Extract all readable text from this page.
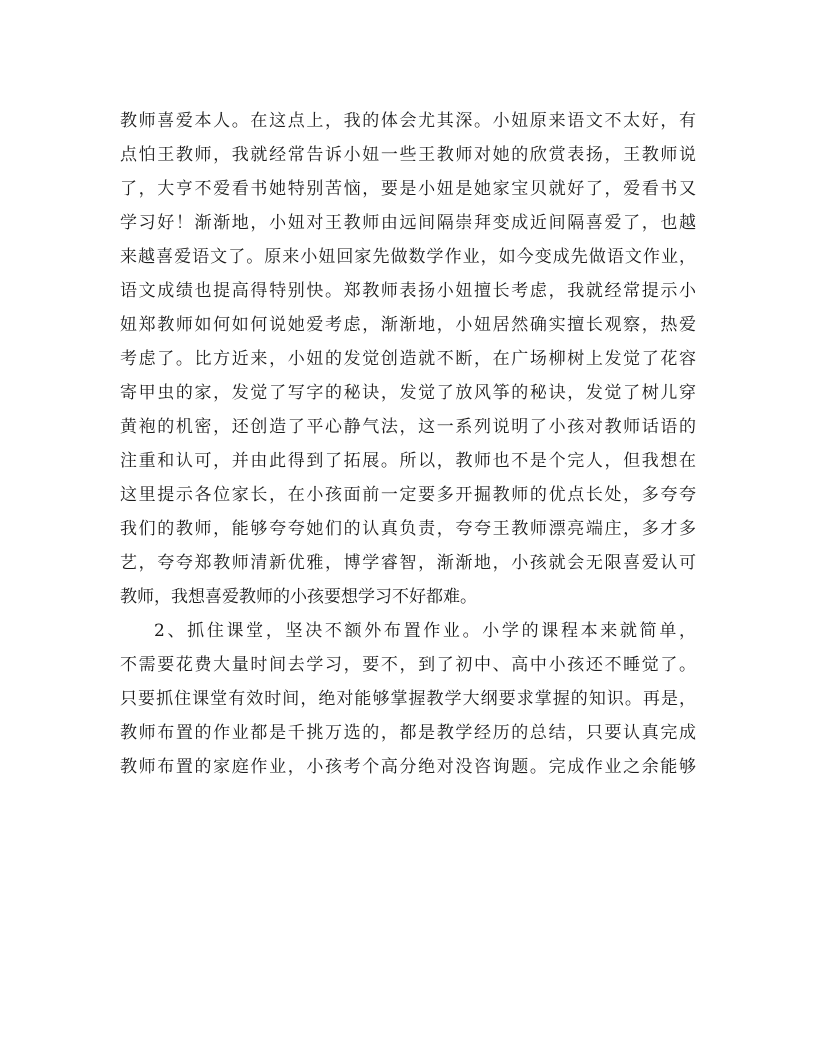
教师喜爱本人。在这点上，我的体会尤其深。小妞原来语文不太好，有
点怕王教师，我就经常告诉小妞一些王教师对她的欣赏表扬，王教师说
了，大亨不爱看书她特别苦恼，要是小妞是她家宝贝就好了，爱看书又
学习好！渐渐地，小妞对王教师由远间隔崇拜变成近间隔喜爱了，也越
来越喜爱语文了。原来小妞回家先做数学作业，如今变成先做语文作业，
语文成绩也提高得特别快。郑教师表扬小妞擅长考虑，我就经常提示小
妞郑教师如何如何说她爱考虑，渐渐地，小妞居然确实擅长观察，热爱
考虑了。比方近来，小妞的发觉创造就不断，在广场柳树上发觉了花容
寄甲虫的家，发觉了写字的秘诀，发觉了放风筝的秘诀，发觉了树儿穿
黄袍的机密，还创造了平心静气法，这一系列说明了小孩对教师话语的
注重和认可，并由此得到了拓展。所以，教师也不是个完人，但我想在
这里提示各位家长，在小孩面前一定要多开掘教师的优点长处，多夸夸
我们的教师，能够夸夸她们的认真负责，夸夸王教师漂亮端庄，多才多
艺，夸夸郑教师清新优雅，博学睿智，渐渐地，小孩就会无限喜爱认可
教师，我想喜爱教师的小孩要想学习不好都难。
2、抓住课堂，坚决不额外布置作业。小学的课程本来就简单，
不需要花费大量时间去学习，要不，到了初中、高中小孩还不睡觉了。
只要抓住课堂有效时间，绝对能够掌握教学大纲要求掌握的知识。再是，
教师布置的作业都是千挑万选的，都是教学经历的总结，只要认真完成
教师布置的家庭作业，小孩考个高分绝对没咨询题。完成作业之余能够
